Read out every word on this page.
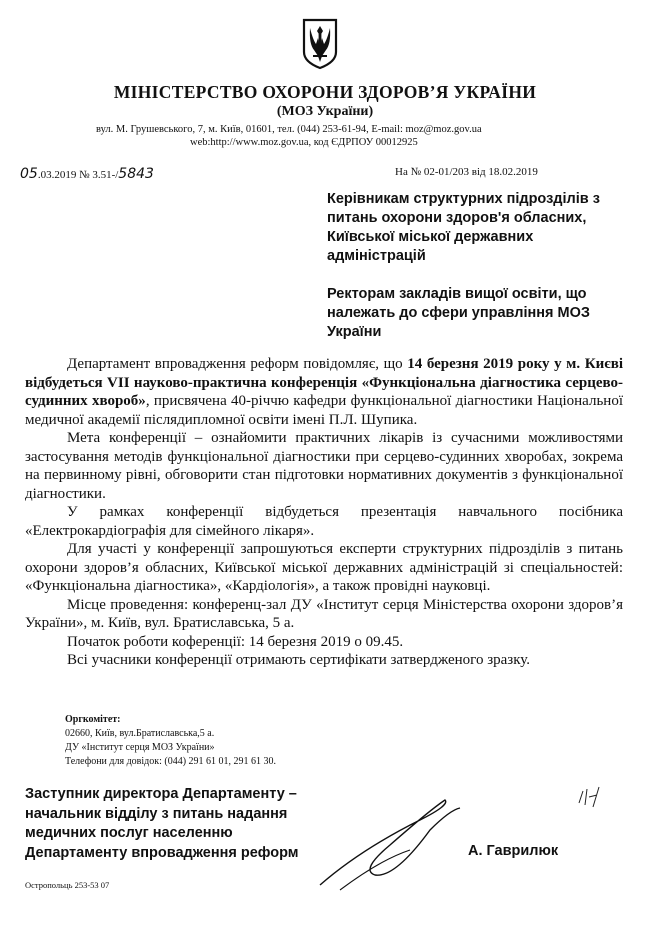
МІНІСТЕРСТВО ОХОРОНИ ЗДОРОВ’Я УКРАЇНИ
(МОЗ України)
вул. М. Грушевського, 7, м. Київ, 01601, тел. (044) 253-61-94, E-mail: moz@moz.gov.ua
web:http://www.moz.gov.ua, код ЄДРПОУ 00012925
05.03.2019 № 3.51-/5843	На № 02-01/203 від 18.02.2019
Керівникам структурних підрозділів з питань охорони здоров'я обласних, Київської міської державних адміністрацій
Ректорам закладів вищої освіти, що належать до сфери управління МОЗ України

Департамент впровадження реформ повідомляє, що 14 березня 2019 року у м. Києві відбудеться VII науково-практична конференція «Функціональна діагностика серцево-судинних хвороб», присвячена 40-річчю кафедри функціональної діагностики Національної медичної академії післядипломної освіти імені П.Л. Шупика.

Мета конференції – ознайомити практичних лікарів із сучасними можливостями застосування методів функціональної діагностики при серцево-судинних хворобах, зокрема на первинному рівні, обговорити стан підготовки нормативних документів з функціональної діагностики.

У рамках конференції відбудеться презентація навчального посібника «Електрокардіографія для сімейного лікаря».

Для участі у конференції запрошуються експерти структурних підрозділів з питань охорони здоров’я обласних, Київської міської державних адміністрацій зі спеціальностей: «Функціональна діагностика», «Кардіологія», а також провідні науковці.

Місце проведення: конференц-зал ДУ «Інститут серця Міністерства охорони здоров’я України», м. Київ, вул. Братиславська, 5 а.

Початок роботи коференції: 14 березня 2019 о 09.45.

Всі учасники конференції отримають сертифікати затвердженого зразку.

Оргкомітет:
02660, Київ, вул.Братиславська,5 а.
ДУ «Інститут серця МОЗ України»
Телефони для довідок: (044) 291 61 01, 291 61 30.
Заступник директора Департаменту – начальник відділу з питань надання медичних послуг населенню Департаменту впровадження реформ	А. Гаврилюк
Остропольць 253-53 07
